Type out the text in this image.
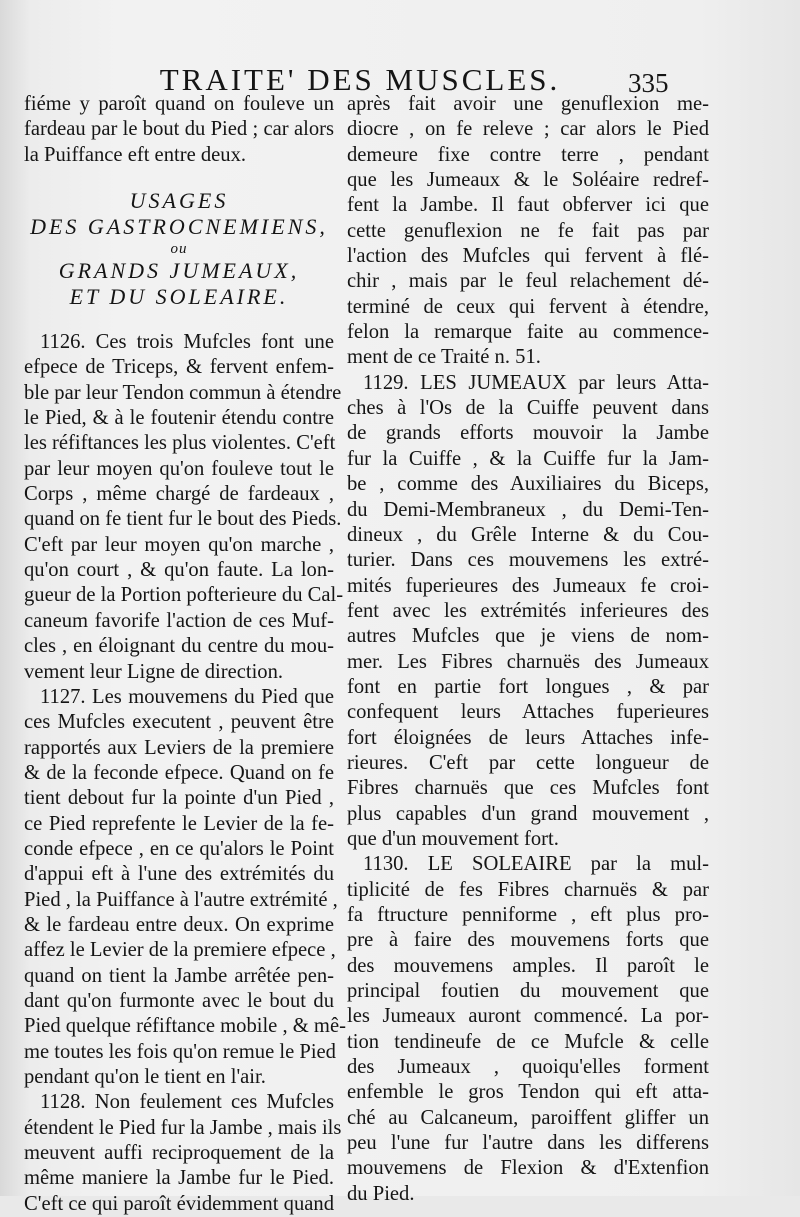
TRAITE' DES MUSCLES.	335
fiéme y paroît quand on fouleve un
fardeau par le bout du Pied ; car alors
la Puiffance eft entre deux.
USAGES
DES GASTROCNEMIENS,
ou
GRANDS JUMEAUX,
ET DU SOLEAIRE.
1126. Ces trois Mufcles font une
efpece de Triceps, & fervent enfem-
ble par leur Tendon commun à étendre
le Pied, & à le foutenir étendu contre
les réfiftances les plus violentes. C'eft
par leur moyen qu'on fouleve tout le
Corps , même chargé de fardeaux ,
quand on fe tient fur le bout des Pieds.
C'eft par leur moyen qu'on marche ,
qu'on court , & qu'on faute. La lon-
gueur de la Portion pofterieure du Cal-
caneum favorife l'action de ces Muf-
cles , en éloignant du centre du mou-
vement leur Ligne de direction.
1127. Les mouvemens du Pied que
ces Mufcles executent , peuvent être
rapportés aux Leviers de la premiere
& de la feconde efpece. Quand on fe
tient debout fur la pointe d'un Pied ,
ce Pied reprefente le Levier de la fe-
conde efpece , en ce qu'alors le Point
d'appui eft à l'une des extrémités du
Pied , la Puiffance à l'autre extrémité ,
& le fardeau entre deux. On exprime
affez le Levier de la premiere efpece ,
quand on tient la Jambe arrêtée pen-
dant qu'on furmonte avec le bout du
Pied quelque réfiftance mobile , & mê-
me toutes les fois qu'on remue le Pied
pendant qu'on le tient en l'air.
1128. Non feulement ces Mufcles
étendent le Pied fur la Jambe , mais ils
meuvent auffi reciproquement de la
même maniere la Jambe fur le Pied.
C'eft ce qui paroît évidemment quand
après fait avoir une genuflexion me-
diocre , on fe releve ; car alors le Pied
demeure fixe contre terre , pendant
que les Jumeaux & le Soléaire redref-
fent la Jambe. Il faut obferver ici que
cette genuflexion ne fe fait pas par
l'action des Mufcles qui fervent à flé-
chir , mais par le feul relachement dé-
terminé de ceux qui fervent à étendre,
felon la remarque faite au commence-
ment de ce Traité n. 51.
1129. LES JUMEAUX par leurs Atta-
ches à l'Os de la Cuiffe peuvent dans
de grands efforts mouvoir la Jambe
fur la Cuiffe , & la Cuiffe fur la Jam-
be , comme des Auxiliaires du Biceps,
du Demi-Membraneux , du Demi-Ten-
dineux , du Grêle Interne & du Cou-
turier. Dans ces mouvemens les extré-
mités fuperieures des Jumeaux fe croi-
fent avec les extrémités inferieures des
autres Mufcles que je viens de nom-
mer. Les Fibres charnuës des Jumeaux
font en partie fort longues , & par
confequent leurs Attaches fuperieures
fort éloignées de leurs Attaches infe-
rieures. C'eft par cette longueur de
Fibres charnuës que ces Mufcles font
plus capables d'un grand mouvement ,
que d'un mouvement fort.
1130. LE SOLEAIRE par la mul-
tiplicité de fes Fibres charnuës & par
fa ftructure penniforme , eft plus pro-
pre à faire des mouvemens forts que
des mouvemens amples. Il paroît le
principal foutien du mouvement que
les Jumeaux auront commencé. La por-
tion tendineufe de ce Mufcle & celle
des Jumeaux , quoiqu'elles forment
enfemble le gros Tendon qui eft atta-
ché au Calcaneum, paroiffent gliffer un
peu l'une fur l'autre dans les differens
mouvemens de Flexion & d'Extenfion
du Pied.
